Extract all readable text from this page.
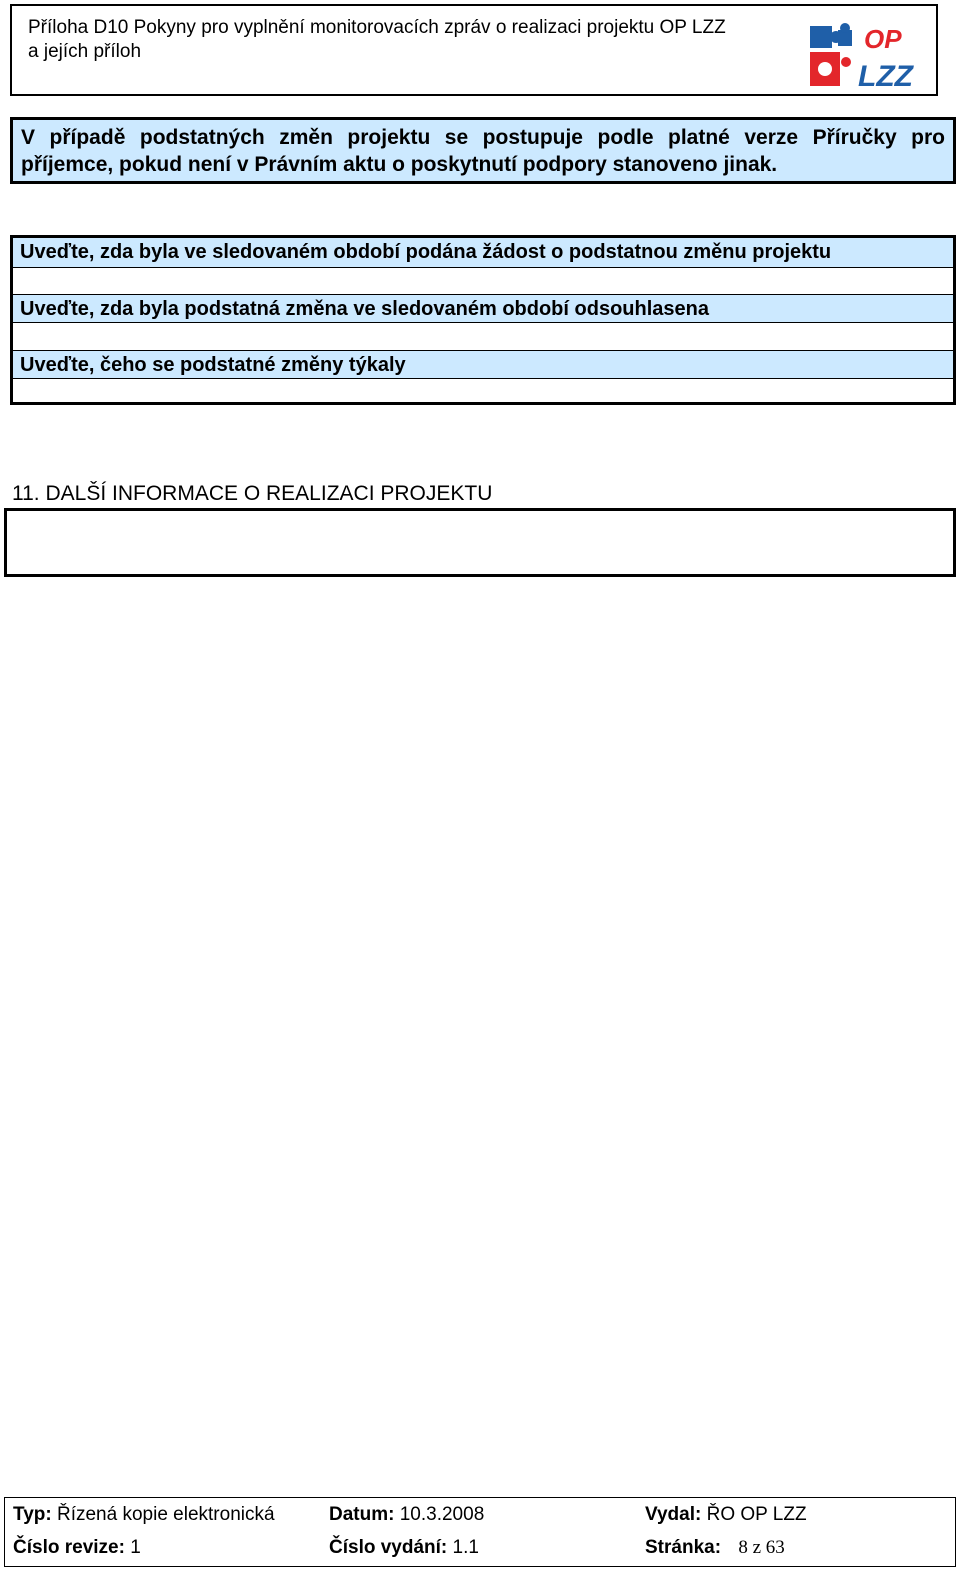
Příloha D10 Pokyny pro vyplnění monitorovacích zpráv o realizaci projektu OP LZZ
a jejích příloh	OP
LZZ
V případě podstatných změn projektu se postupuje podle platné verze Příručky pro příjemce, pokud není v Právním aktu o poskytnutí podpory stanoveno jinak.
Uveďte, zda byla ve sledovaném období podána žádost o podstatnou změnu projektu
Uveďte, zda byla podstatná změna ve sledovaném období odsouhlasena
Uveďte, čeho se podstatné změny týkaly
11. DALŠÍ INFORMACE O REALIZACI PROJEKTU
Typ: Řízená kopie elektronická	Datum: 10.3.2008	Vydal: ŘO OP LZZ
Číslo revize: 1	Číslo vydání: 1.1	Stránka: 8 z 63
